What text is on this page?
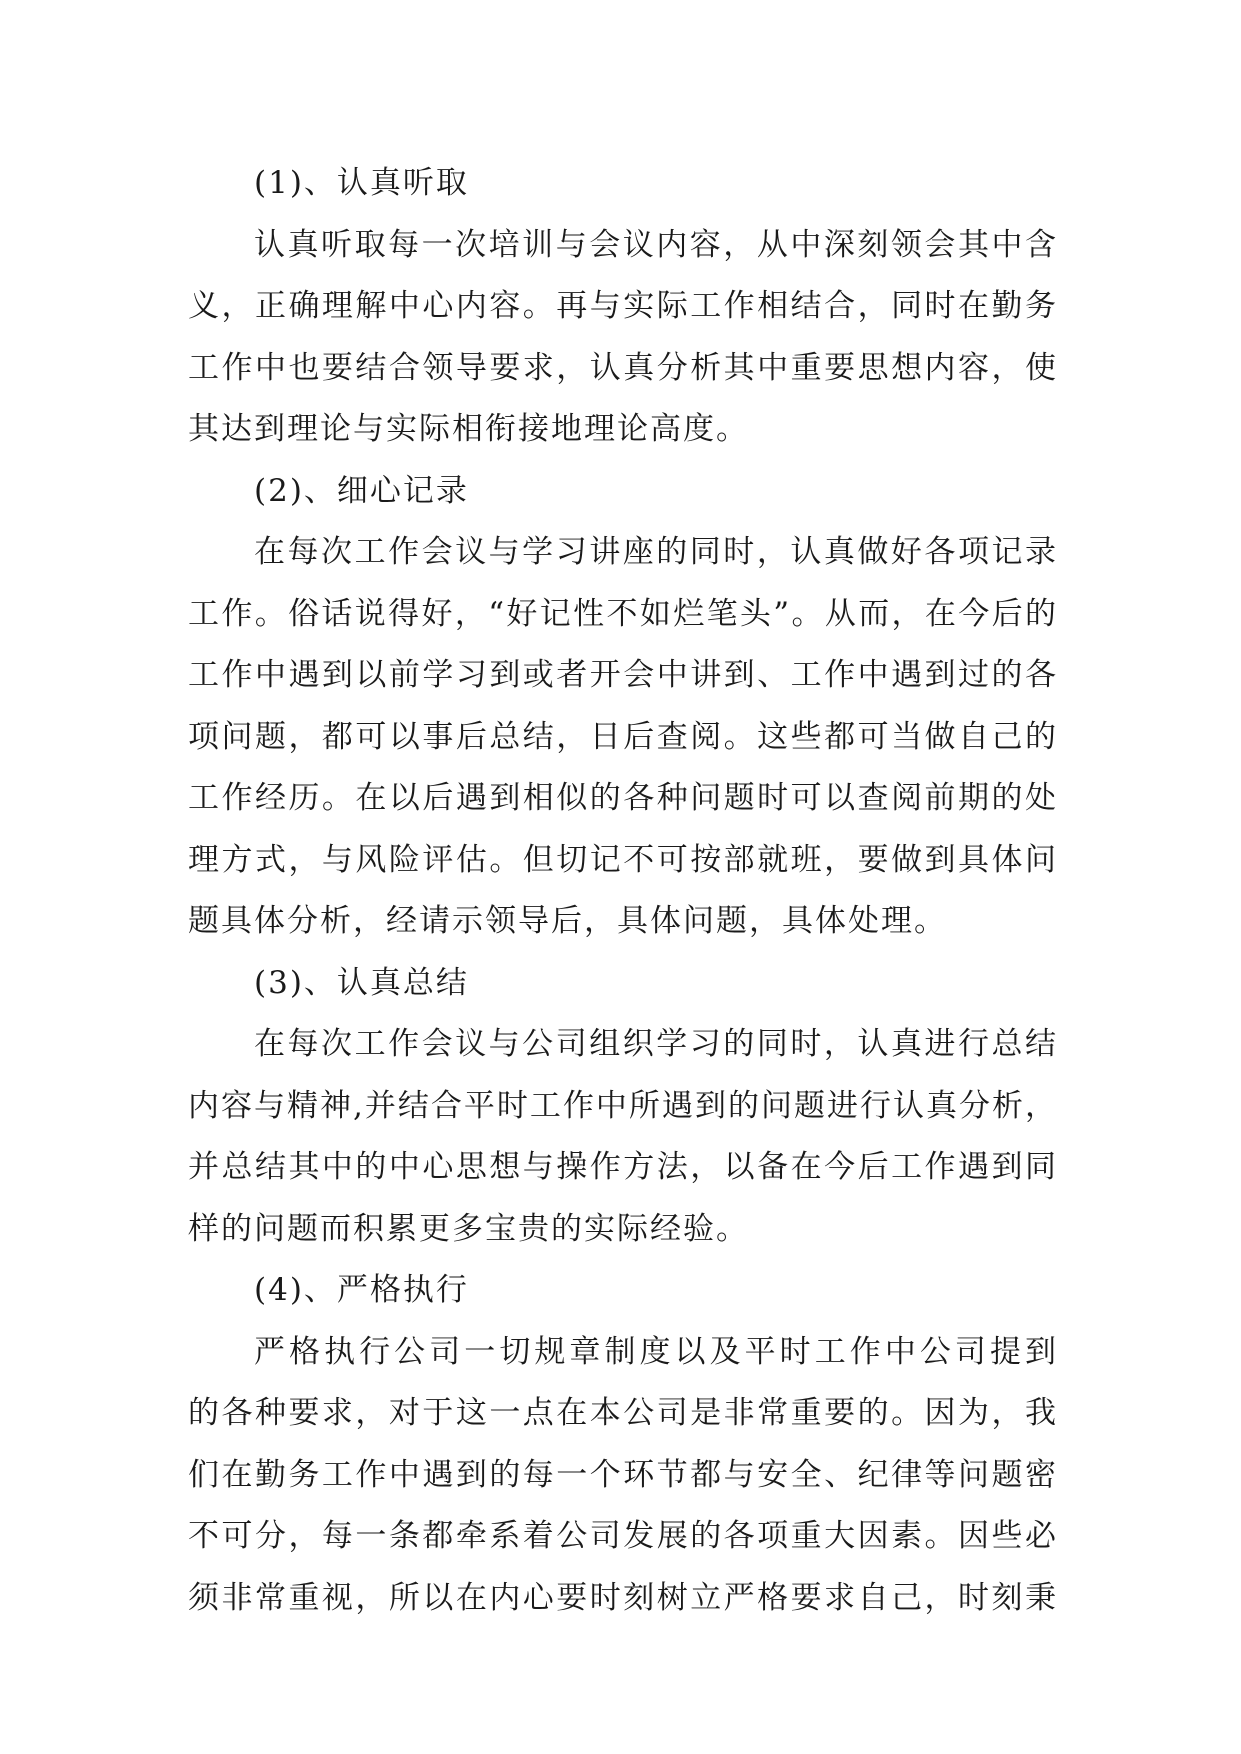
(1)、认真听取
认真听取每一次培训与会议内容，从中深刻领会其中含
义，正确理解中心内容。再与实际工作相结合，同时在勤务
工作中也要结合领导要求，认真分析其中重要思想内容，使
其达到理论与实际相衔接地理论高度。
(2)、细心记录
在每次工作会议与学习讲座的同时，认真做好各项记录
工作。俗话说得好，“好记性不如烂笔头”。从而，在今后的
工作中遇到以前学习到或者开会中讲到、工作中遇到过的各
项问题，都可以事后总结，日后查阅。这些都可当做自己的
工作经历。在以后遇到相似的各种问题时可以查阅前期的处
理方式，与风险评估。但切记不可按部就班，要做到具体问
题具体分析，经请示领导后，具体问题，具体处理。
(3)、认真总结
在每次工作会议与公司组织学习的同时，认真进行总结
内容与精神,并结合平时工作中所遇到的问题进行认真分析，
并总结其中的中心思想与操作方法，以备在今后工作遇到同
样的问题而积累更多宝贵的实际经验。
(4)、严格执行
严格执行公司一切规章制度以及平时工作中公司提到
的各种要求，对于这一点在本公司是非常重要的。因为，我
们在勤务工作中遇到的每一个环节都与安全、纪律等问题密
不可分，每一条都牵系着公司发展的各项重大因素。因些必
须非常重视，所以在内心要时刻树立严格要求自己，时刻秉
